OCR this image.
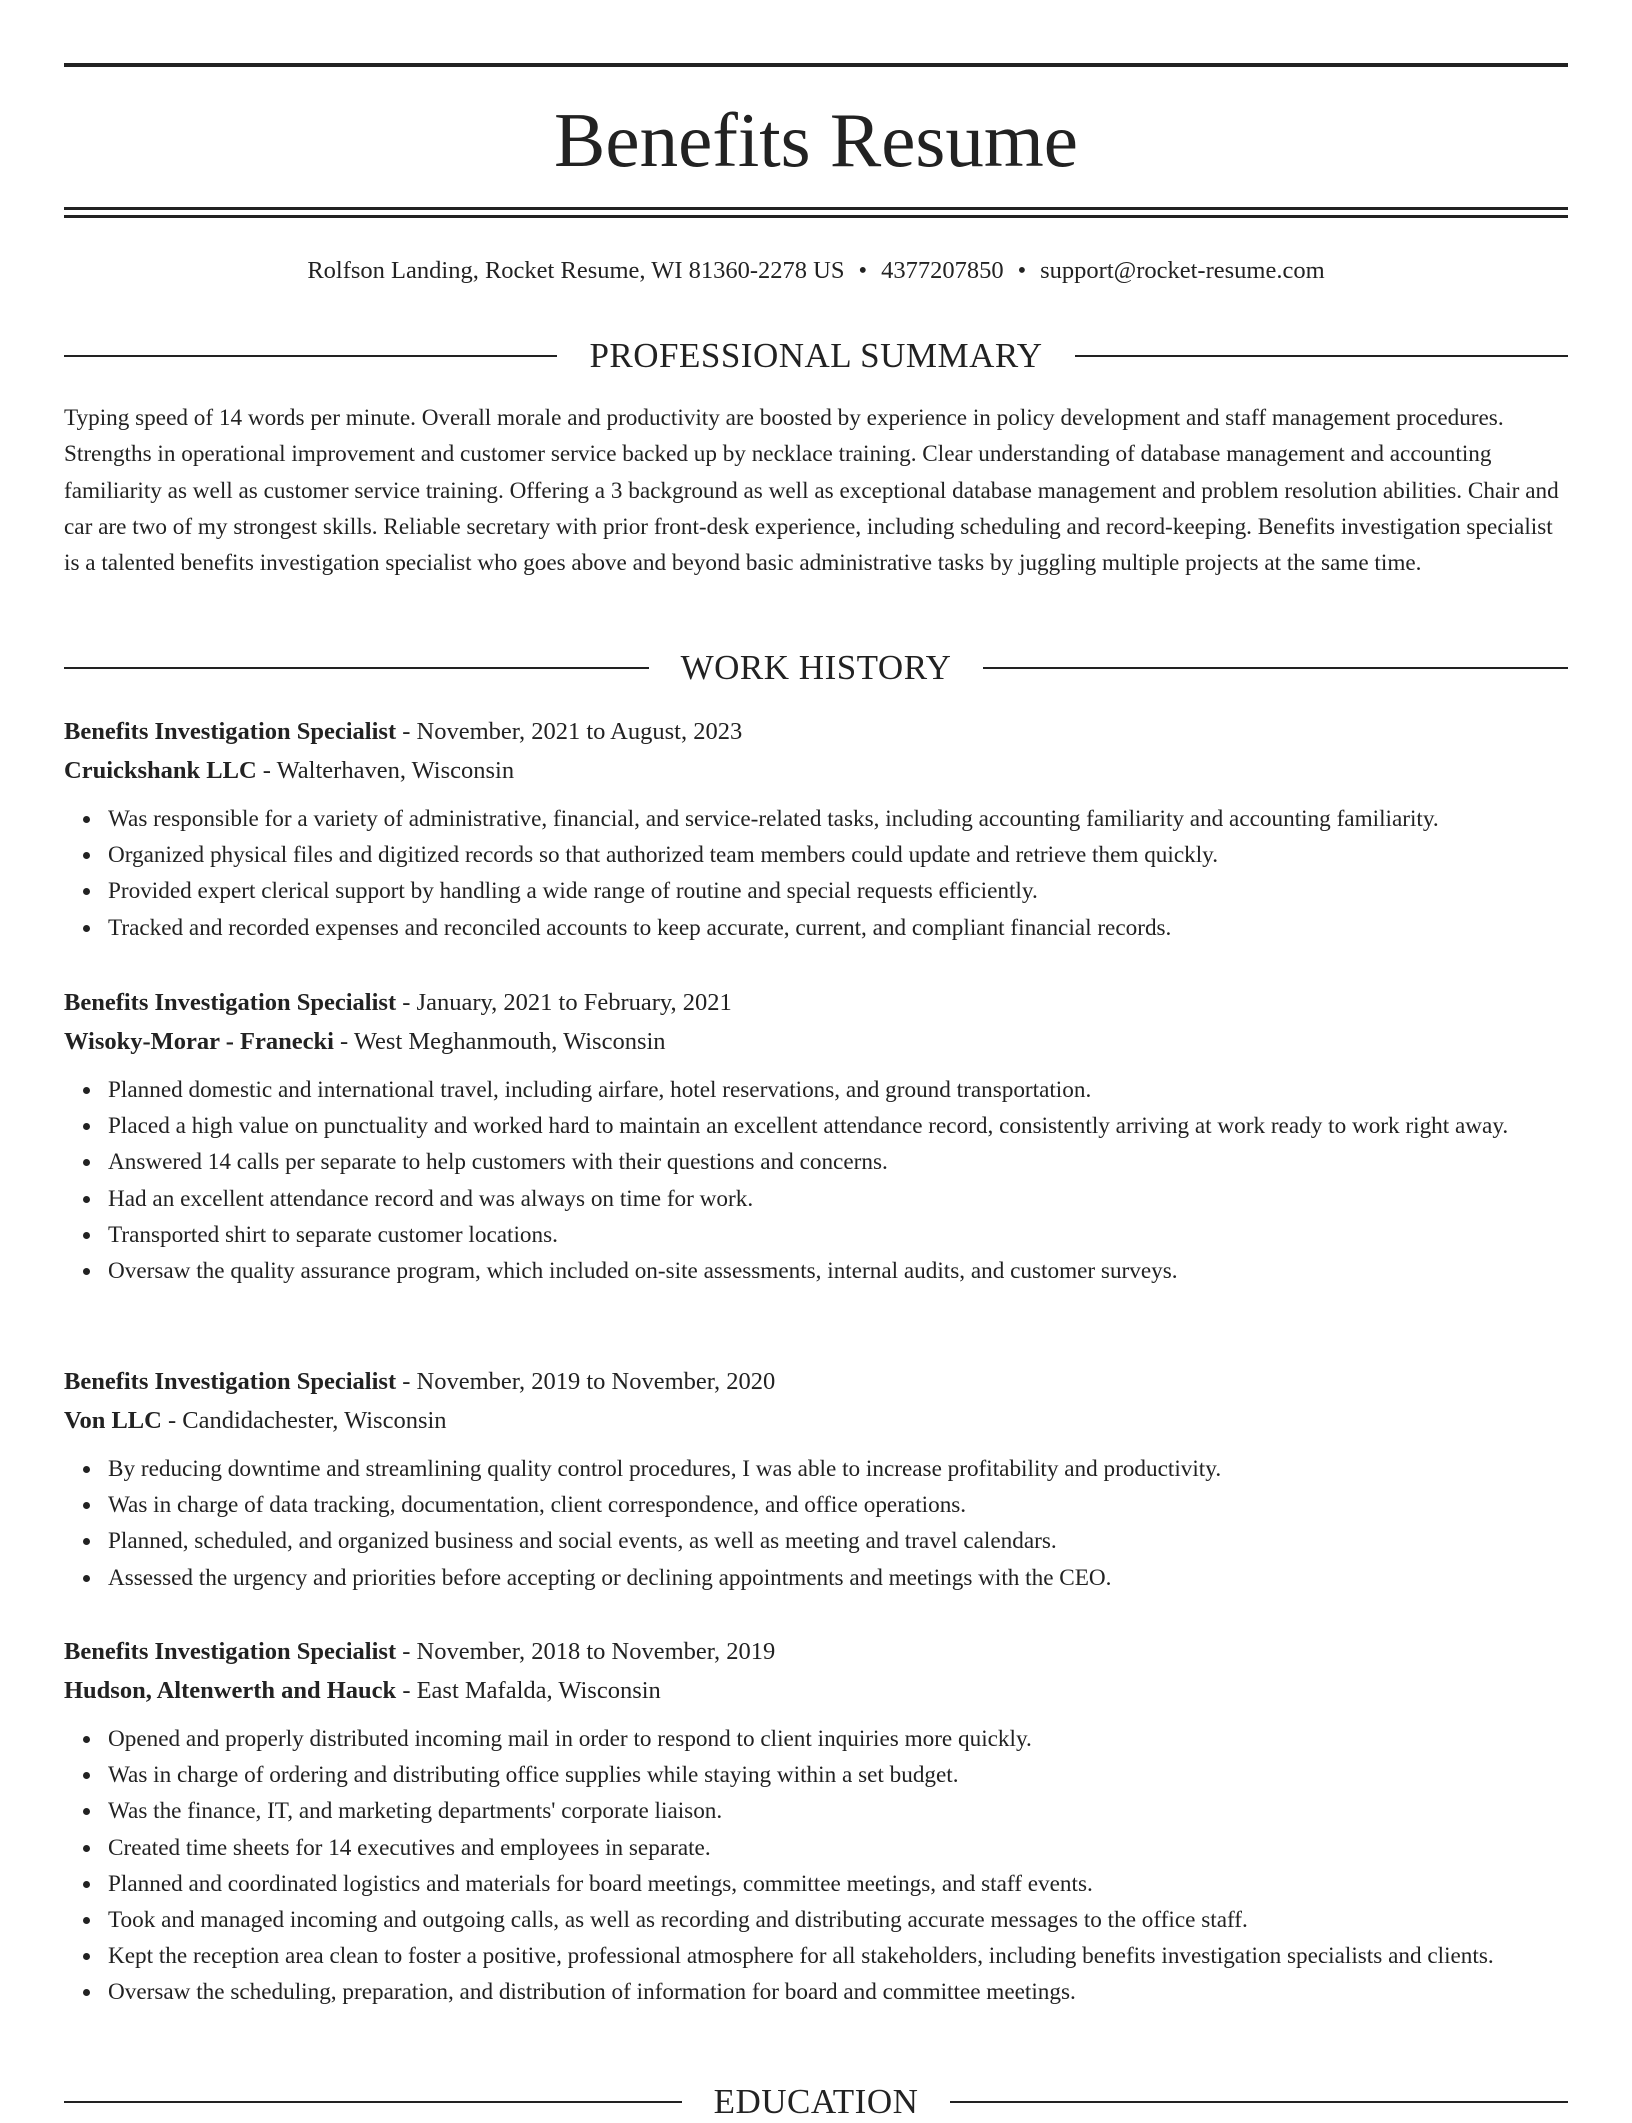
Benefits Resume
Rolfson Landing, Rocket Resume, WI 81360-2278 US • 4377207850 • support@rocket-resume.com
PROFESSIONAL SUMMARY

Typing speed of 14 words per minute. Overall morale and productivity are boosted by experience in policy development and staff management procedures. Strengths in operational improvement and customer service backed up by necklace training. Clear understanding of database management and accounting familiarity as well as customer service training. Offering a 3 background as well as exceptional database management and problem resolution abilities. Chair and car are two of my strongest skills. Reliable secretary with prior front-desk experience, including scheduling and record-keeping. Benefits investigation specialist is a talented benefits investigation specialist who goes above and beyond basic administrative tasks by juggling multiple projects at the same time.

WORK HISTORY
Benefits Investigation Specialist - November, 2021 to August, 2023
Cruickshank LLC - Walterhaven, Wisconsin
Was responsible for a variety of administrative, financial, and service-related tasks, including accounting familiarity and accounting familiarity.
Organized physical files and digitized records so that authorized team members could update and retrieve them quickly.
Provided expert clerical support by handling a wide range of routine and special requests efficiently.
Tracked and recorded expenses and reconciled accounts to keep accurate, current, and compliant financial records.
Benefits Investigation Specialist - January, 2021 to February, 2021
Wisoky-Morar - Franecki - West Meghanmouth, Wisconsin
Planned domestic and international travel, including airfare, hotel reservations, and ground transportation.
Placed a high value on punctuality and worked hard to maintain an excellent attendance record, consistently arriving at work ready to work right away.
Answered 14 calls per separate to help customers with their questions and concerns.
Had an excellent attendance record and was always on time for work.
Transported shirt to separate customer locations.
Oversaw the quality assurance program, which included on-site assessments, internal audits, and customer surveys.
Benefits Investigation Specialist - November, 2019 to November, 2020
Von LLC - Candidachester, Wisconsin
By reducing downtime and streamlining quality control procedures, I was able to increase profitability and productivity.
Was in charge of data tracking, documentation, client correspondence, and office operations.
Planned, scheduled, and organized business and social events, as well as meeting and travel calendars.
Assessed the urgency and priorities before accepting or declining appointments and meetings with the CEO.
Benefits Investigation Specialist - November, 2018 to November, 2019
Hudson, Altenwerth and Hauck - East Mafalda, Wisconsin
Opened and properly distributed incoming mail in order to respond to client inquiries more quickly.
Was in charge of ordering and distributing office supplies while staying within a set budget.
Was the finance, IT, and marketing departments' corporate liaison.
Created time sheets for 14 executives and employees in separate.
Planned and coordinated logistics and materials for board meetings, committee meetings, and staff events.
Took and managed incoming and outgoing calls, as well as recording and distributing accurate messages to the office staff.
Kept the reception area clean to foster a positive, professional atmosphere for all stakeholders, including benefits investigation specialists and clients.
Oversaw the scheduling, preparation, and distribution of information for board and committee meetings.
EDUCATION
